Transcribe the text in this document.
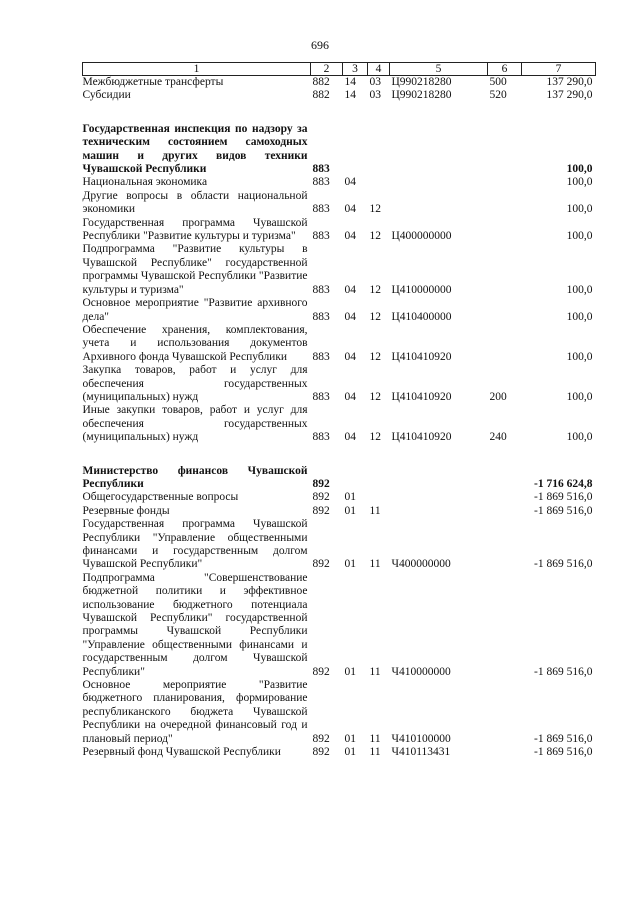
696
1	2	3	4	5	6	7
Межбюджетные трансферты	882	14	03	Ц990218280	500	137 290,0
Субсидии	882	14	03	Ц990218280	520	137 290,0

Государственная инспекция по надзору за техническим состоянием самоходных машин и других видов техники Чувашской Республики	883					100,0
Национальная экономика	883	04				100,0
Другие вопросы в области национальной экономики	883	04	12			100,0
Государственная программа Чувашской Республики "Развитие культуры и туризма"	883	04	12	Ц400000000		100,0
Подпрограмма "Развитие культуры в Чувашской Республике" государственной программы Чувашской Республики "Развитие культуры и туризма"	883	04	12	Ц410000000		100,0
Основное мероприятие "Развитие архивного дела"	883	04	12	Ц410400000		100,0
Обеспечение хранения, комплектования, учета и использования документов Архивного фонда Чувашской Республики	883	04	12	Ц410410920		100,0
Закупка товаров, работ и услуг для обеспечения государственных (муниципальных) нужд	883	04	12	Ц410410920	200	100,0
Иные закупки товаров, работ и услуг для обеспечения государственных (муниципальных) нужд	883	04	12	Ц410410920	240	100,0

Министерство финансов Чувашской Республики	892					-1 716 624,8
Общегосударственные вопросы	892	01				-1 869 516,0
Резервные фонды	892	01	11			-1 869 516,0
Государственная программа Чувашской Республики "Управление общественными финансами и государственным долгом Чувашской Республики"	892	01	11	Ч400000000		-1 869 516,0
Подпрограмма "Совершенствование бюджетной политики и эффективное использование бюджетного потенциала Чувашской Республики" государственной программы Чувашской Республики "Управление общественными финансами и государственным долгом Чувашской Республики"	892	01	11	Ч410000000		-1 869 516,0
Основное мероприятие "Развитие бюджетного планирования, формирование республиканского бюджета Чувашской Республики на очередной финансовый год и плановый период"	892	01	11	Ч410100000		-1 869 516,0
Резервный фонд Чувашской Республики	892	01	11	Ч410113431		-1 869 516,0
